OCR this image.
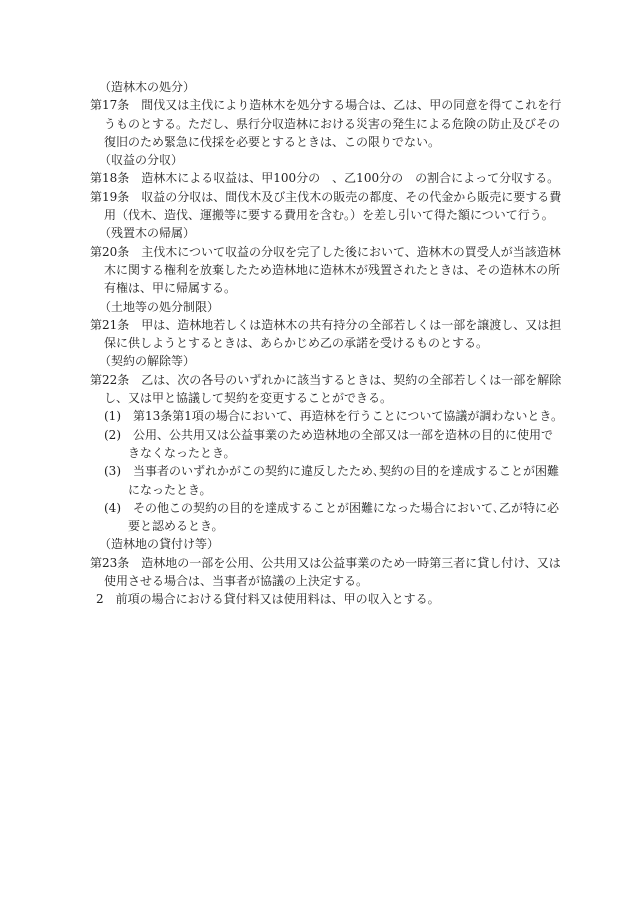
（造林木の処分）
第17条　間伐又は主伐により造林木を処分する場合は、乙は、甲の同意を得てこれを行
うものとする。ただし、県行分収造林における災害の発生による危険の防止及びその
復旧のため緊急に伐採を必要とするときは、この限りでない。
（収益の分収）
第18条　造林木による収益は、甲100分の　、乙100分の　の割合によって分収する。
第19条　収益の分収は、間伐木及び主伐木の販売の都度、その代金から販売に要する費
用（伐木、造伐、運搬等に要する費用を含む。）を差し引いて得た額について行う。
（残置木の帰属）
第20条　主伐木について収益の分収を完了した後において、造林木の買受人が当該造林
木に関する権利を放棄したため造林地に造林木が残置されたときは、その造林木の所
有権は、甲に帰属する。
（土地等の処分制限）
第21条　甲は、造林地若しくは造林木の共有持分の全部若しくは一部を譲渡し、又は担
保に供しようとするときは、あらかじめ乙の承諾を受けるものとする。
（契約の解除等）
第22条　乙は、次の各号のいずれかに該当するときは、契約の全部若しくは一部を解除
し、又は甲と協議して契約を変更することができる。
(1)　第13条第1項の場合において、再造林を行うことについて協議が調わないとき。
(2)　公用、公共用又は公益事業のため造林地の全部又は一部を造林の目的に使用で
きなくなったとき。
(3)　当事者のいずれかがこの契約に違反したため､契約の目的を達成することが困難
になったとき。
(4)　その他この契約の目的を達成することが困難になった場合において､乙が特に必
要と認めるとき。
（造林地の貸付け等）
第23条　造林地の一部を公用、公共用又は公益事業のため一時第三者に貸し付け、又は
使用させる場合は、当事者が協議の上決定する。
2　前項の場合における貸付料又は使用料は、甲の収入とする。
